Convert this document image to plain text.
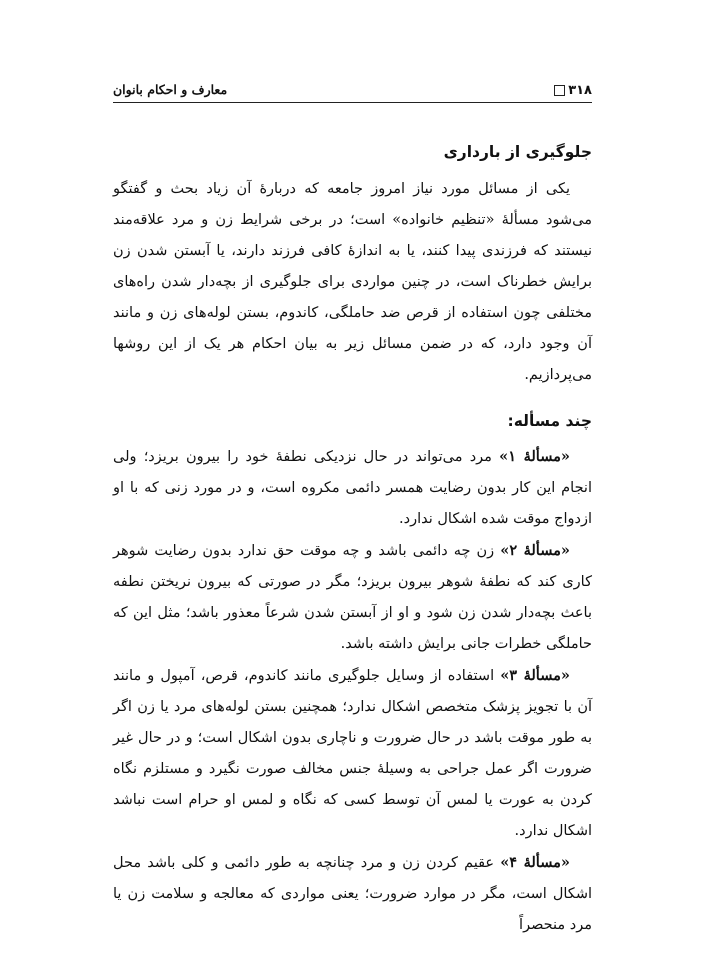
۳۱۸
معارف و احکام بانوان
جلوگیری از بارداری

یکی از مسائل مورد نیاز امروز جامعه که دربارهٔ آن زیاد بحث و گفتگو می‌شود مسألهٔ «تنظیم خانواده» است؛ در برخی شرایط زن و مرد علاقه‌مند نیستند که فرزندی پیدا کنند، یا به اندازهٔ کافی فرزند دارند، یا آبستن شدن زن برایش خطرناک است، در چنین مواردی برای جلوگیری از بچه‌دار شدن راه‌های مختلفی چون استفاده از قرص ضد حاملگی، کاندوم، بستن لوله‌های زن و مانند آن وجود دارد، که در ضمن مسائل زیر به بیان احکام هر یک از این روشها می‌پردازیم.

چند مسأله:

«مسألهٔ ۱» مرد می‌تواند در حال نزدیکی نطفهٔ خود را بیرون بریزد؛ ولی انجام این کار بدون رضایت همسر دائمی مکروه است، و در مورد زنی که با او ازدواج موقت شده اشکال ندارد.

«مسألهٔ ۲» زن چه دائمی باشد و چه موقت حق ندارد بدون رضایت شوهر کاری کند که نطفهٔ شوهر بیرون بریزد؛ مگر در صورتی که بیرون نریختن نطفه باعث بچه‌دار شدن زن شود و او از آبستن شدن شرعاً معذور باشد؛ مثل این که حاملگی خطرات جانی برایش داشته باشد.

«مسألهٔ ۳» استفاده از وسایل جلوگیری مانند کاندوم، قرص، آمپول و مانند آن با تجویز پزشک متخصص اشکال ندارد؛ همچنین بستن لوله‌های مرد یا زن اگر به طور موقت باشد در حال ضرورت و ناچاری بدون اشکال است؛ و در حال غیر ضرورت اگر عمل جراحی به وسیلهٔ جنس مخالف صورت نگیرد و مستلزم نگاه کردن به عورت یا لمس آن توسط کسی که نگاه و لمس او حرام است نباشد اشکال ندارد.

«مسألهٔ ۴» عقیم کردن زن و مرد چنانچه به طور دائمی و کلی باشد محل اشکال است، مگر در موارد ضرورت؛ یعنی مواردی که معالجه و سلامت زن یا مرد منحصراً
